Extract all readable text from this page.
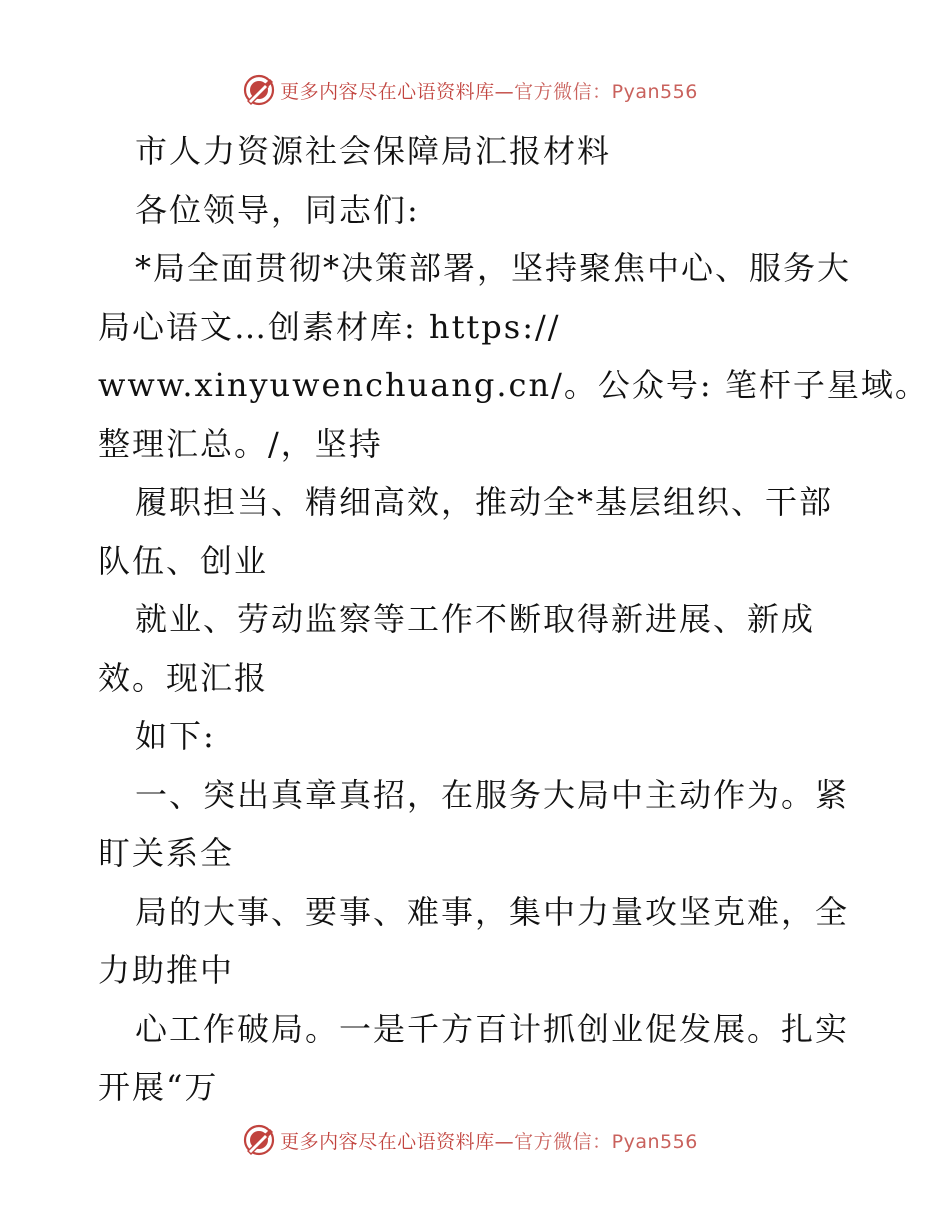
更多内容尽在心语资料库—官方微信：Pyan556
市人力资源社会保障局汇报材料
各位领导，同志们:
*局全面贯彻*决策部署，坚持聚焦中心、服务大
局心语文…创素材库: https://
www.xinyuwenchuang.cn/。公众号: 笔杆子星域。
整理汇总。/，坚持
履职担当、精细高效，推动全*基层组织、干部
队伍、创业
就业、劳动监察等工作不断取得新进展、新成
效。现汇报
如下:
一、突出真章真招，在服务大局中主动作为。紧
盯关系全
局的大事、要事、难事，集中力量攻坚克难，全
力助推中
心工作破局。一是千方百计抓创业促发展。扎实
开展“万
更多内容尽在心语资料库—官方微信：Pyan556
